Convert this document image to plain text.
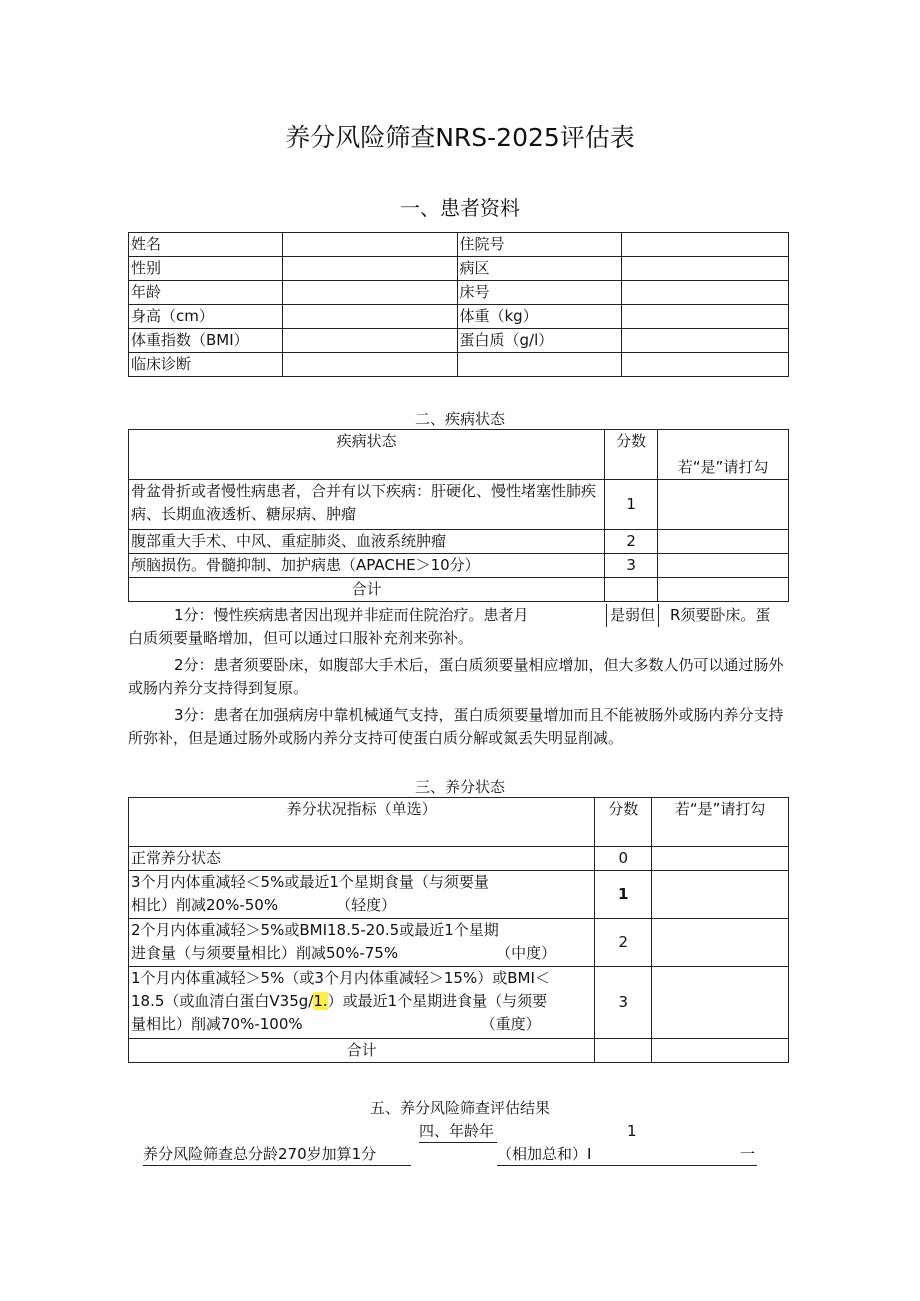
养分风险筛查NRS-2025评估表
一、患者资料
姓名		住院号	
性别		病区	
年龄		床号	
身高（cm）		体重（kg）	
体重指数（BMI）		蛋白质（g/l）	
临床诊断			
二、疾病状态
疾病状态	分数	若“是”请打勾
骨盆骨折或者慢性病患者，合并有以下疾病：肝硬化、慢性堵塞性肺疾病、长期血液透析、糖尿病、肿瘤	1	
腹部重大手术、中风、重症肺炎、血液系统肿瘤	2	
颅脑损伤。骨髓抑制、加护病患（APACHE＞10分）	3	
合计		
1分：慢性疾病患者因出现并非症而住院治疗。患者月	是弱但 R须要卧床。蛋
白质须要量略增加，但可以通过口服补充剂来弥补。
2分：患者须要卧床，如腹部大手术后，蛋白质须要量相应增加，但大多数人仍可以通过肠外或肠内养分支持得到复原。
3分：患者在加强病房中靠机械通气支持，蛋白质须要量增加而且不能被肠外或肠内养分支持所弥补，但是通过肠外或肠内养分支持可使蛋白质分解或氮丢失明显削减。
三、养分状态
养分状况指标（单选）	分数	若“是”请打勾
正常养分状态	0	

3个月内体重减轻＜5%或最近1个星期食量（与须要量
相比）削减20%-50% （轻度）	1	

2个月内体重减轻＞5%或BMI18.5-20.5或最近1个星期
进食量（与须要量相比）削减50%-75% （中度）	2	

1个月内体重减轻＞5%（或3个月内体重减轻＞15%）或BMI＜
18.5（或血清白蛋白V35g/1.）或最近1个星期进食量（与须要
量相比）削减70%-100% （重度）	3	
合计		
五、养分风险筛查评估结果
四、年龄年	1
养分风险筛查总分龄270岁加算1分	（相加总和）I	一
